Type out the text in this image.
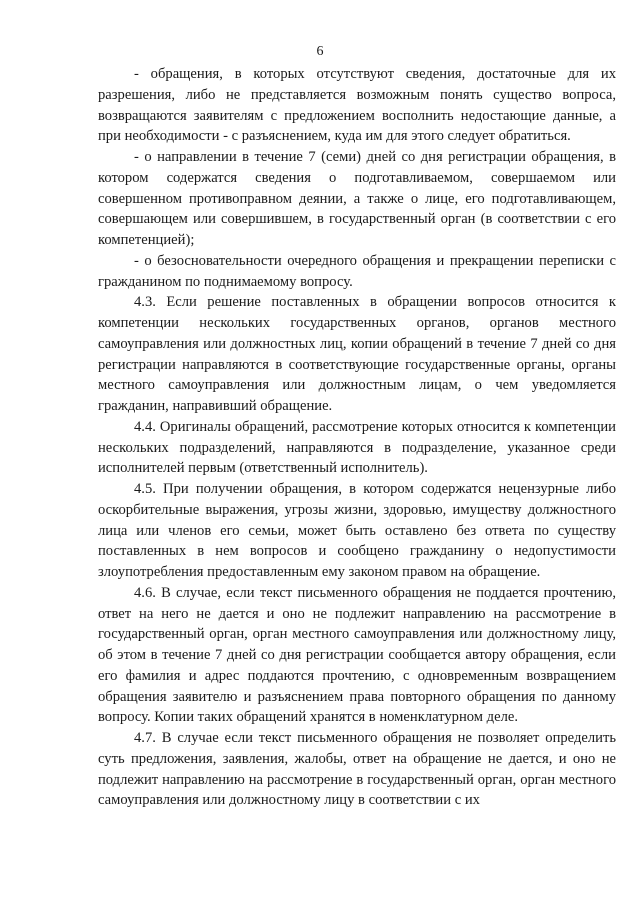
6

- обращения, в которых отсутствуют сведения, достаточные для их разрешения, либо не представляется возможным понять существо вопроса, возвращаются заявителям с предложением восполнить недостающие данные, а при необходимости - с разъяснением, куда им для этого следует обратиться.

- о направлении в течение 7 (семи) дней со дня регистрации обращения, в котором содержатся сведения о подготавливаемом, совершаемом или совершенном противоправном деянии, а также о лице, его подготавливающем, совершающем или совершившем, в государственный орган (в соответствии с его компетенцией);

- о безосновательности очередного обращения и прекращении переписки с гражданином по поднимаемому вопросу.

4.3. Если решение поставленных в обращении вопросов относится к компетенции нескольких государственных органов, органов местного самоуправления или должностных лиц, копии обращений в течение 7 дней со дня регистрации направляются в соответствующие государственные органы, органы местного самоуправления или должностным лицам, о чем уведомляется гражданин, направивший обращение.

4.4. Оригиналы обращений, рассмотрение которых относится к компетенции нескольких подразделений, направляются в подразделение, указанное среди исполнителей первым (ответственный исполнитель).

4.5. При получении обращения, в котором содержатся нецензурные либо оскорбительные выражения, угрозы жизни, здоровью, имуществу должностного лица или членов его семьи, может быть оставлено без ответа по существу поставленных в нем вопросов и сообщено гражданину о недопустимости злоупотребления предоставленным ему законом правом на обращение.

4.6. В случае, если текст письменного обращения не поддается прочтению, ответ на него не дается и оно не подлежит направлению на рассмотрение в государственный орган, орган местного самоуправления или должностному лицу, об этом в течение 7 дней со дня регистрации сообщается автору обращения, если его фамилия и адрес поддаются прочтению, с одновременным возвращением обращения заявителю и разъяснением права повторного обращения по данному вопросу. Копии таких обращений хранятся в номенклатурном деле.

4.7. В случае если текст письменного обращения не позволяет определить суть предложения, заявления, жалобы, ответ на обращение не дается, и оно не подлежит направлению на рассмотрение в государственный орган, орган местного самоуправления или должностному лицу в соответствии с их
